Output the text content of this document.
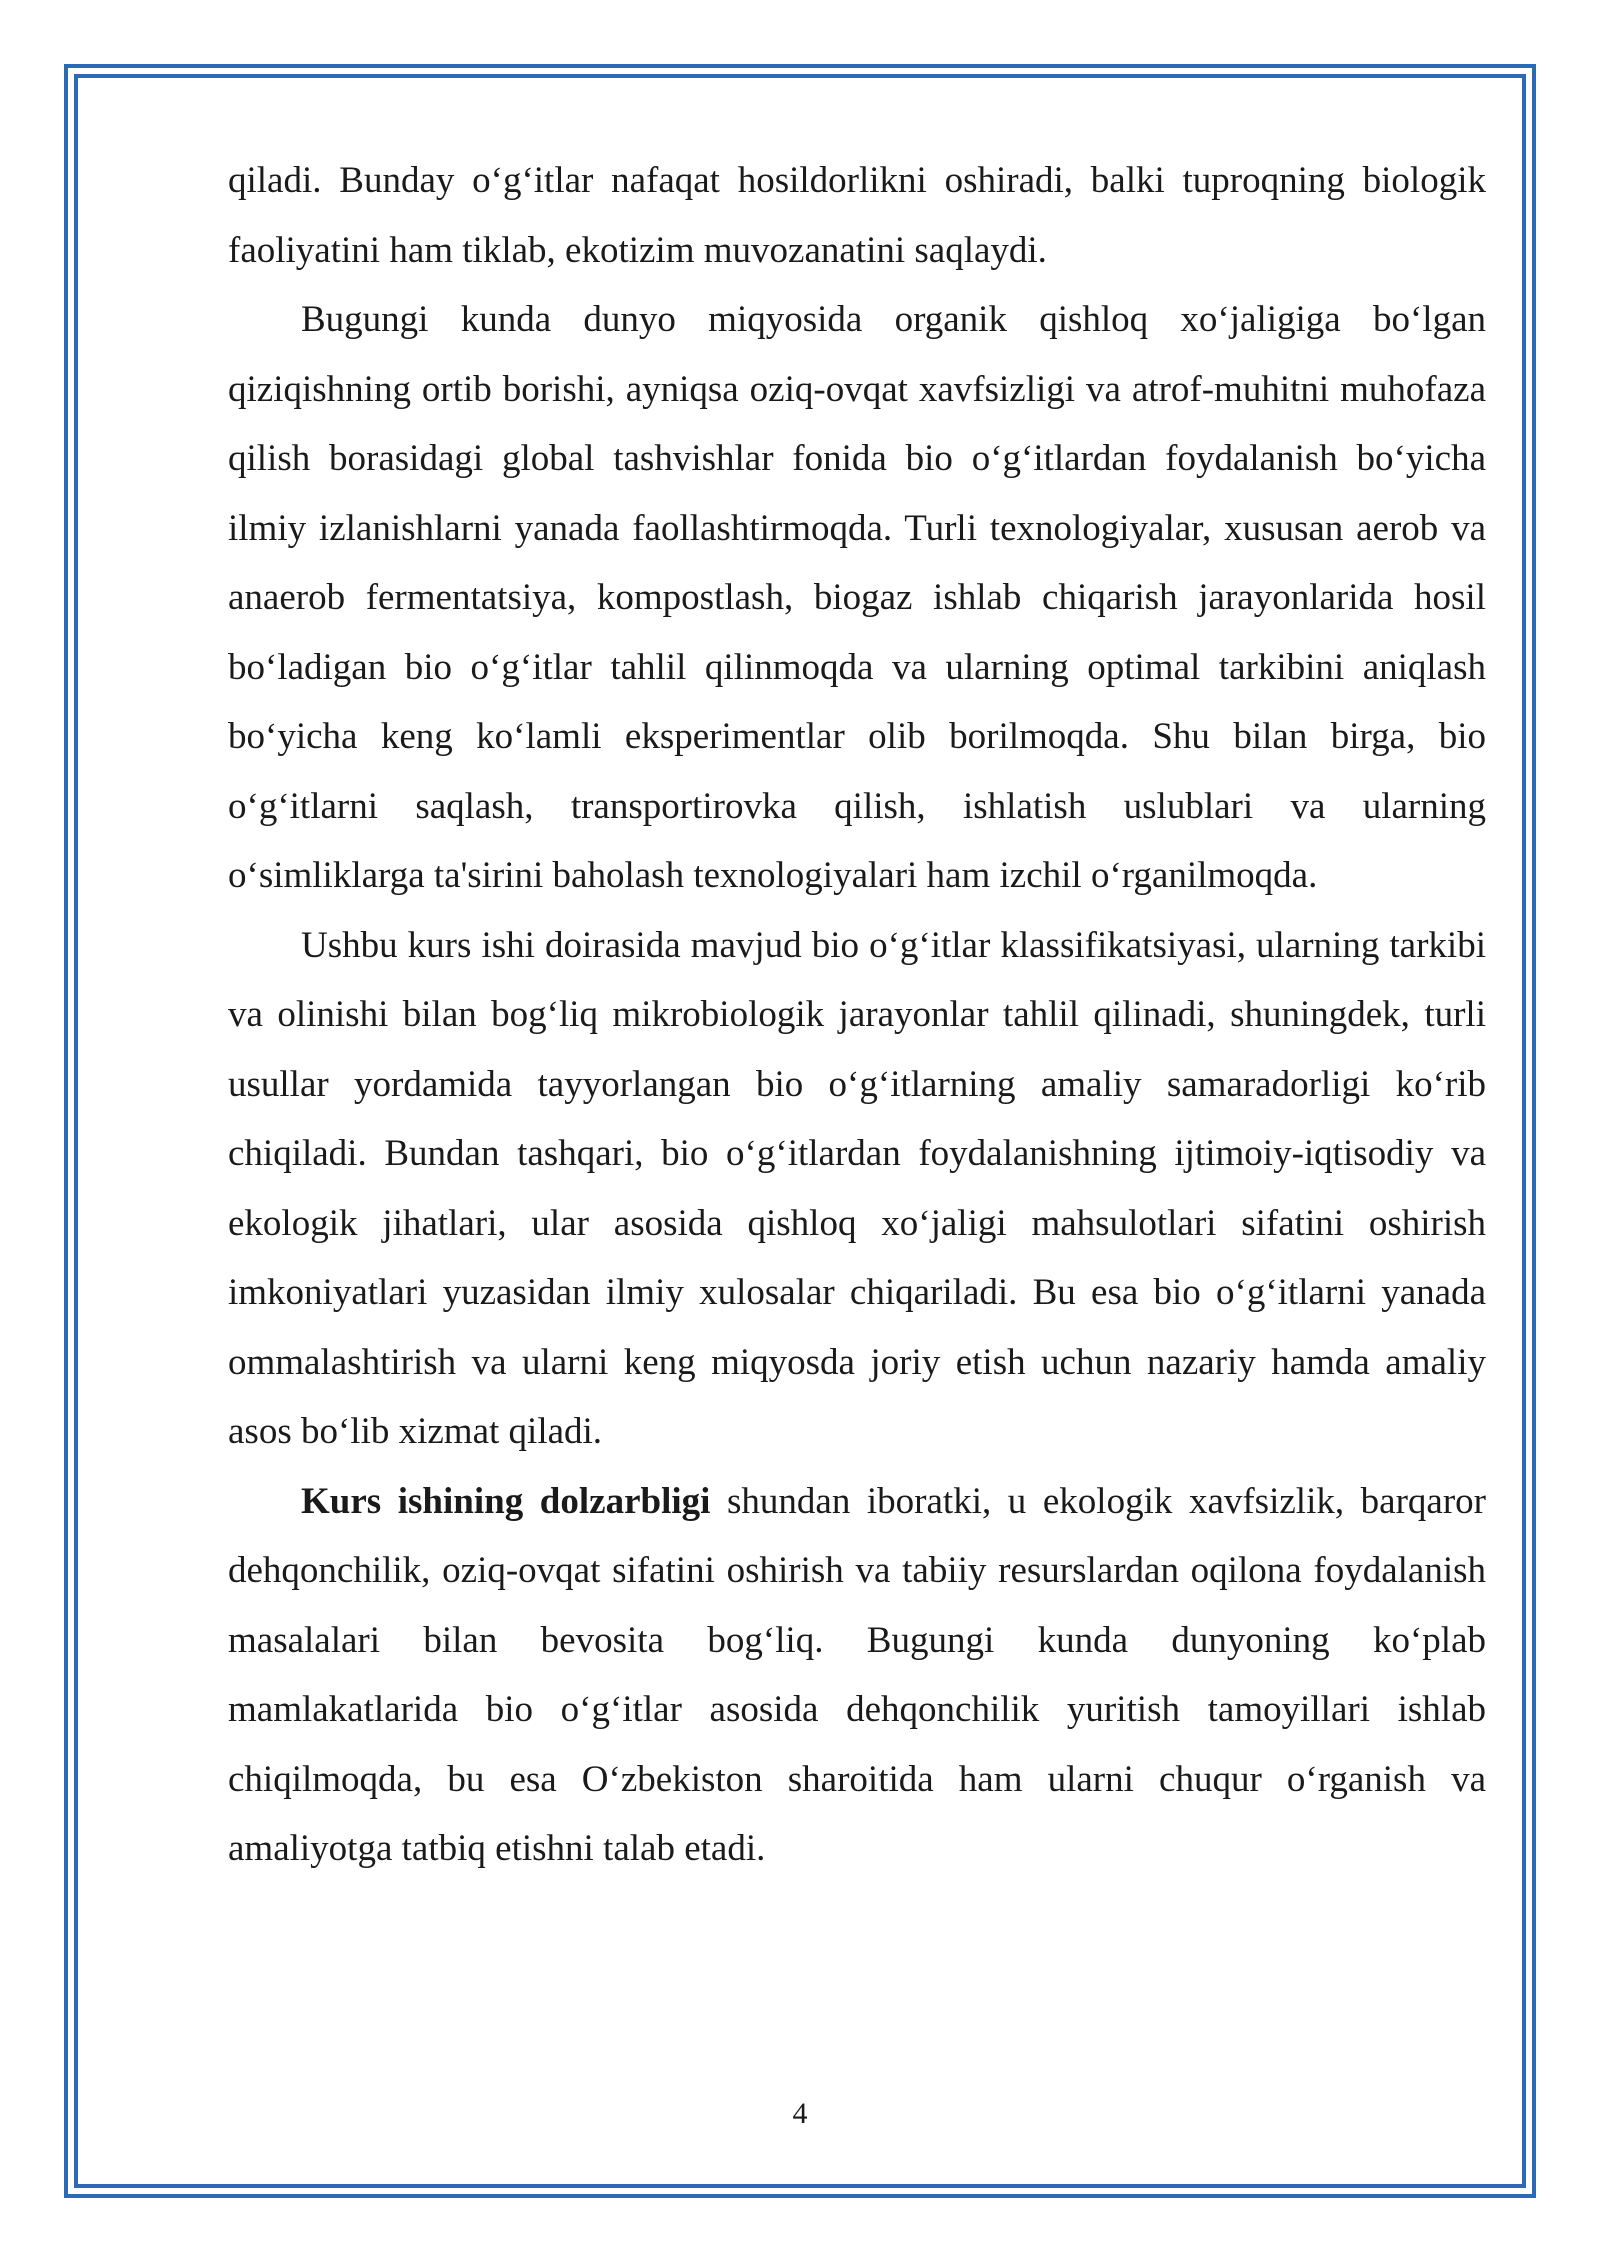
qiladi. Bunday o‘g‘itlar nafaqat hosildorlikni oshiradi, balki tuproqning biologik faoliyatini ham tiklab, ekotizim muvozanatini saqlaydi.

Bugungi kunda dunyo miqyosida organik qishloq xo‘jaligiga bo‘lgan qiziqishning ortib borishi, ayniqsa oziq-ovqat xavfsizligi va atrof-muhitni muhofaza qilish borasidagi global tashvishlar fonida bio o‘g‘itlardan foydalanish bo‘yicha ilmiy izlanishlarni yanada faollashtirmoqda. Turli texnologiyalar, xususan aerob va anaerob fermentatsiya, kompostlash, biogaz ishlab chiqarish jarayonlarida hosil bo‘ladigan bio o‘g‘itlar tahlil qilinmoqda va ularning optimal tarkibini aniqlash bo‘yicha keng ko‘lamli eksperimentlar olib borilmoqda. Shu bilan birga, bio o‘g‘itlarni saqlash, transportirovka qilish, ishlatish uslublari va ularning o‘simliklarga ta'sirini baholash texnologiyalari ham izchil o‘rganilmoqda.

Ushbu kurs ishi doirasida mavjud bio o‘g‘itlar klassifikatsiyasi, ularning tarkibi va olinishi bilan bog‘liq mikrobiologik jarayonlar tahlil qilinadi, shuningdek, turli usullar yordamida tayyorlangan bio o‘g‘itlarning amaliy samaradorligi ko‘rib chiqiladi. Bundan tashqari, bio o‘g‘itlardan foydalanishning ijtimoiy-iqtisodiy va ekologik jihatlari, ular asosida qishloq xo‘jaligi mahsulotlari sifatini oshirish imkoniyatlari yuzasidan ilmiy xulosalar chiqariladi. Bu esa bio o‘g‘itlarni yanada ommalashtirish va ularni keng miqyosda joriy etish uchun nazariy hamda amaliy asos bo‘lib xizmat qiladi.

Kurs ishining dolzarbligi shundan iboratki, u ekologik xavfsizlik, barqaror dehqonchilik, oziq-ovqat sifatini oshirish va tabiiy resurslardan oqilona foydalanish masalalari bilan bevosita bog‘liq. Bugungi kunda dunyoning ko‘plab mamlakatlarida bio o‘g‘itlar asosida dehqonchilik yuritish tamoyillari ishlab chiqilmoqda, bu esa O‘zbekiston sharoitida ham ularni chuqur o‘rganish va amaliyotga tatbiq etishni talab etadi.

4
